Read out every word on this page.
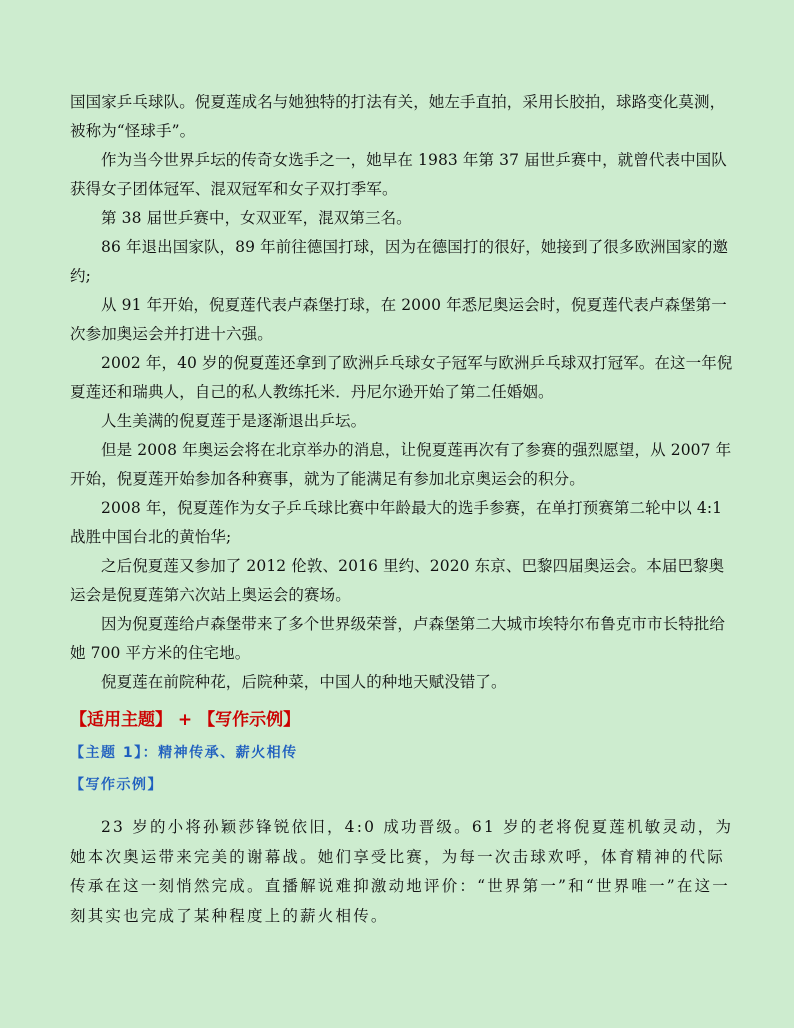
国国家乒乓球队。倪夏莲成名与她独特的打法有关，她左手直拍，采用长胶拍，球路变化莫测，被称为“怪球手”。

作为当今世界乒坛的传奇女选手之一，她早在 1983 年第 37 届世乒赛中，就曾代表中国队获得女子团体冠军、混双冠军和女子双打季军。

第 38 届世乒赛中，女双亚军，混双第三名。

86 年退出国家队，89 年前往德国打球，因为在德国打的很好，她接到了很多欧洲国家的邀约;

从 91 年开始，倪夏莲代表卢森堡打球，在 2000 年悉尼奥运会时，倪夏莲代表卢森堡第一次参加奥运会并打进十六强。

2002 年，40 岁的倪夏莲还拿到了欧洲乒乓球女子冠军与欧洲乒乓球双打冠军。在这一年倪夏莲还和瑞典人，自己的私人教练托米．丹尼尔逊开始了第二任婚姻。

人生美满的倪夏莲于是逐渐退出乒坛。

但是 2008 年奥运会将在北京举办的消息，让倪夏莲再次有了参赛的强烈愿望，从 2007 年开始，倪夏莲开始参加各种赛事，就为了能满足有参加北京奥运会的积分。

2008 年，倪夏莲作为女子乒乓球比赛中年龄最大的选手参赛，在单打预赛第二轮中以 4:1 战胜中国台北的黄怡华;

之后倪夏莲又参加了 2012 伦敦、2016 里约、2020 东京、巴黎四届奥运会。本届巴黎奥运会是倪夏莲第六次站上奥运会的赛场。

因为倪夏莲给卢森堡带来了多个世界级荣誉，卢森堡第二大城市埃特尔布鲁克市市长特批给她 700 平方米的住宅地。

倪夏莲在前院种花，后院种菜，中国人的种地天赋没错了。

【适用主题】 + 【写作示例】
【主题 1】：精神传承、薪火相传
【写作示例】

23 岁的小将孙颖莎锋锐依旧，4:0 成功晋级。61 岁的老将倪夏莲机敏灵动，为她本次奥运带来完美的谢幕战。她们享受比赛，为每一次击球欢呼，体育精神的代际传承在这一刻悄然完成。直播解说难抑激动地评价：“世界第一”和“世界唯一”在这一刻其实也完成了某种程度上的薪火相传。
